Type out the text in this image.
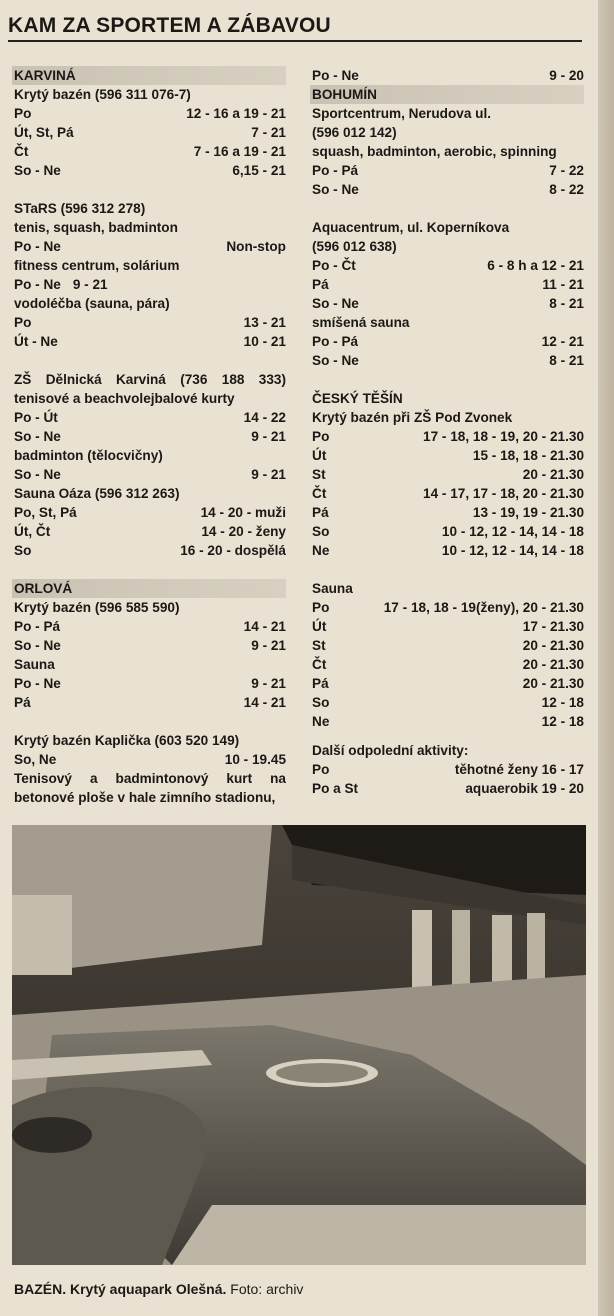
KAM ZA SPORTEM A ZÁBAVOU
KARVINÁ
Krytý bazén (596 311 076-7)
Po	12 - 16 a 19 - 21
Út, St, Pá	7 - 21
Čt	7 - 16 a 19 - 21
So - Ne	6,15 - 21
STaRS (596 312 278)
tenis, squash, badminton
Po - Ne	Non-stop
fitness centrum, solárium
Po - Ne 9 - 21
vodoléčba (sauna, pára)
Po	13 - 21
Út - Ne	10 - 21
ZŠ Dělnická Karviná (736 188 333) tenisové a beachvolejbalové kurty
Po - Út	14 - 22
So - Ne	9 - 21
badminton (tělocvičny)
So - Ne	9 - 21
Sauna Oáza (596 312 263)
Po, St, Pá	14 - 20 - muži
Út, Čt	14 - 20 - ženy
So	16 - 20 - dospělá
ORLOVÁ
Krytý bazén (596 585 590)
Po - Pá	14 - 21
So - Ne	9 - 21
Sauna
Po - Ne	9 - 21
Pá	14 - 21
Krytý bazén Kaplička (603 520 149)
So, Ne	10 - 19.45
Tenisový a badmintonový kurt na betonové ploše v hale zimního stadionu,
Po - Ne	9 - 20
BOHUMÍN
Sportcentrum, Nerudova ul.
(596 012 142)
squash, badminton, aerobic, spinning
Po - Pá	7 - 22
So - Ne	8 - 22
Aquacentrum, ul. Koperníkova
(596 012 638)
Po - Čt	6 - 8 h a 12 - 21
Pá	11 - 21
So - Ne	8 - 21
smíšená sauna
Po - Pá	12 - 21
So - Ne	8 - 21
ČESKÝ TĚŠÍN
Krytý bazén při ZŠ Pod Zvonek
Po	17 - 18, 18 - 19, 20 - 21.30
Út	15 - 18, 18 - 21.30
St	20 - 21.30
Čt	14 - 17, 17 - 18, 20 - 21.30
Pá	13 - 19, 19 - 21.30
So	10 - 12, 12 - 14, 14 - 18
Ne	10 - 12, 12 - 14, 14 - 18
Sauna
Po	17 - 18, 18 - 19(ženy), 20 - 21.30
Út	17 - 21.30
St	20 - 21.30
Čt	20 - 21.30
Pá	20 - 21.30
So	12 - 18
Ne	12 - 18
Další odpolední aktivity:
Po	těhotné ženy 16 - 17
Po a St	aquaerobik 19 - 20
BAZÉN. Krytý aquapark Olešná. Foto: archiv
